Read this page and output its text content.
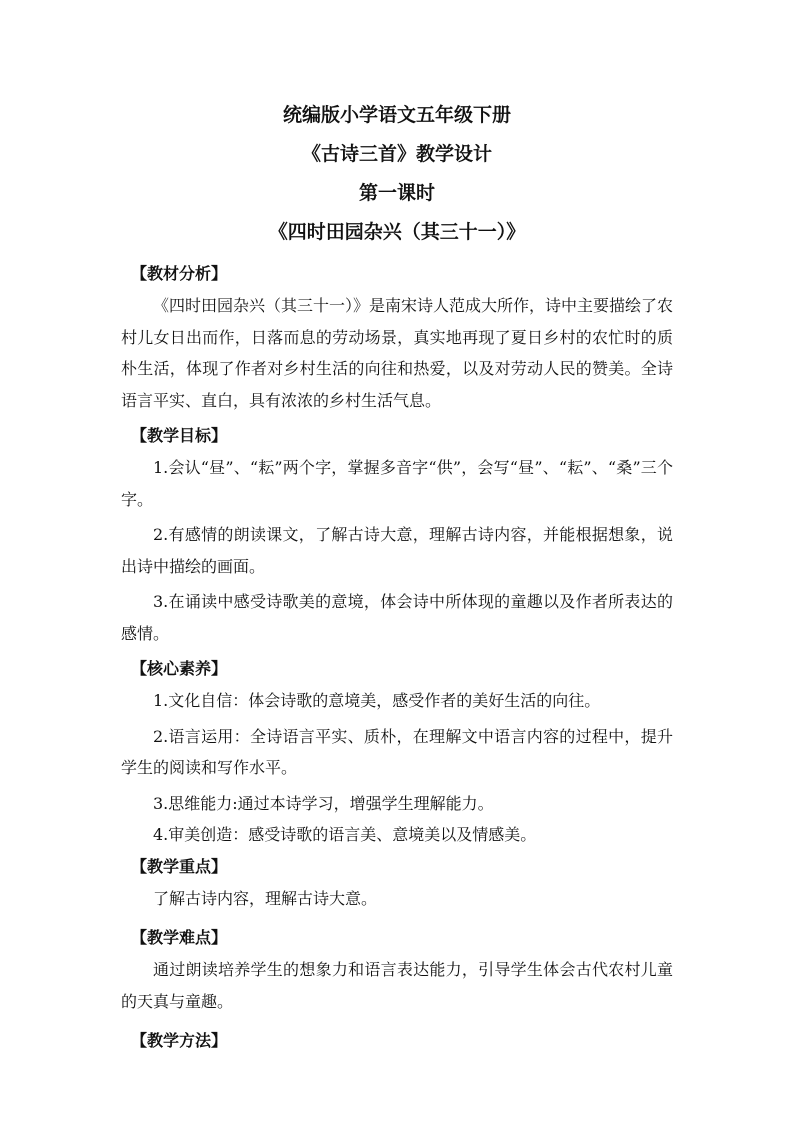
统编版小学语文五年级下册

《古诗三首》教学设计

第一课时

《四时田园杂兴（其三十一）》

【教材分析】

《四时田园杂兴（其三十一）》是南宋诗人范成大所作，诗中主要描绘了农村儿女日出而作，日落而息的劳动场景，真实地再现了夏日乡村的农忙时的质朴生活，体现了作者对乡村生活的向往和热爱，以及对劳动人民的赞美。全诗语言平实、直白，具有浓浓的乡村生活气息。

【教学目标】

1.会认“昼”、“耘”两个字，掌握多音字“供”，会写“昼”、“耘”、“桑”三个字。

2.有感情的朗读课文，了解古诗大意，理解古诗内容，并能根据想象，说出诗中描绘的画面。

3.在诵读中感受诗歌美的意境，体会诗中所体现的童趣以及作者所表达的感情。

【核心素养】

1.文化自信：体会诗歌的意境美，感受作者的美好生活的向往。

2.语言运用：全诗语言平实、质朴，在理解文中语言内容的过程中，提升学生的阅读和写作水平。

3.思维能力:通过本诗学习，增强学生理解能力。

4.审美创造：感受诗歌的语言美、意境美以及情感美。

【教学重点】

了解古诗内容，理解古诗大意。

【教学难点】

通过朗读培养学生的想象力和语言表达能力，引导学生体会古代农村儿童的天真与童趣。

【教学方法】
